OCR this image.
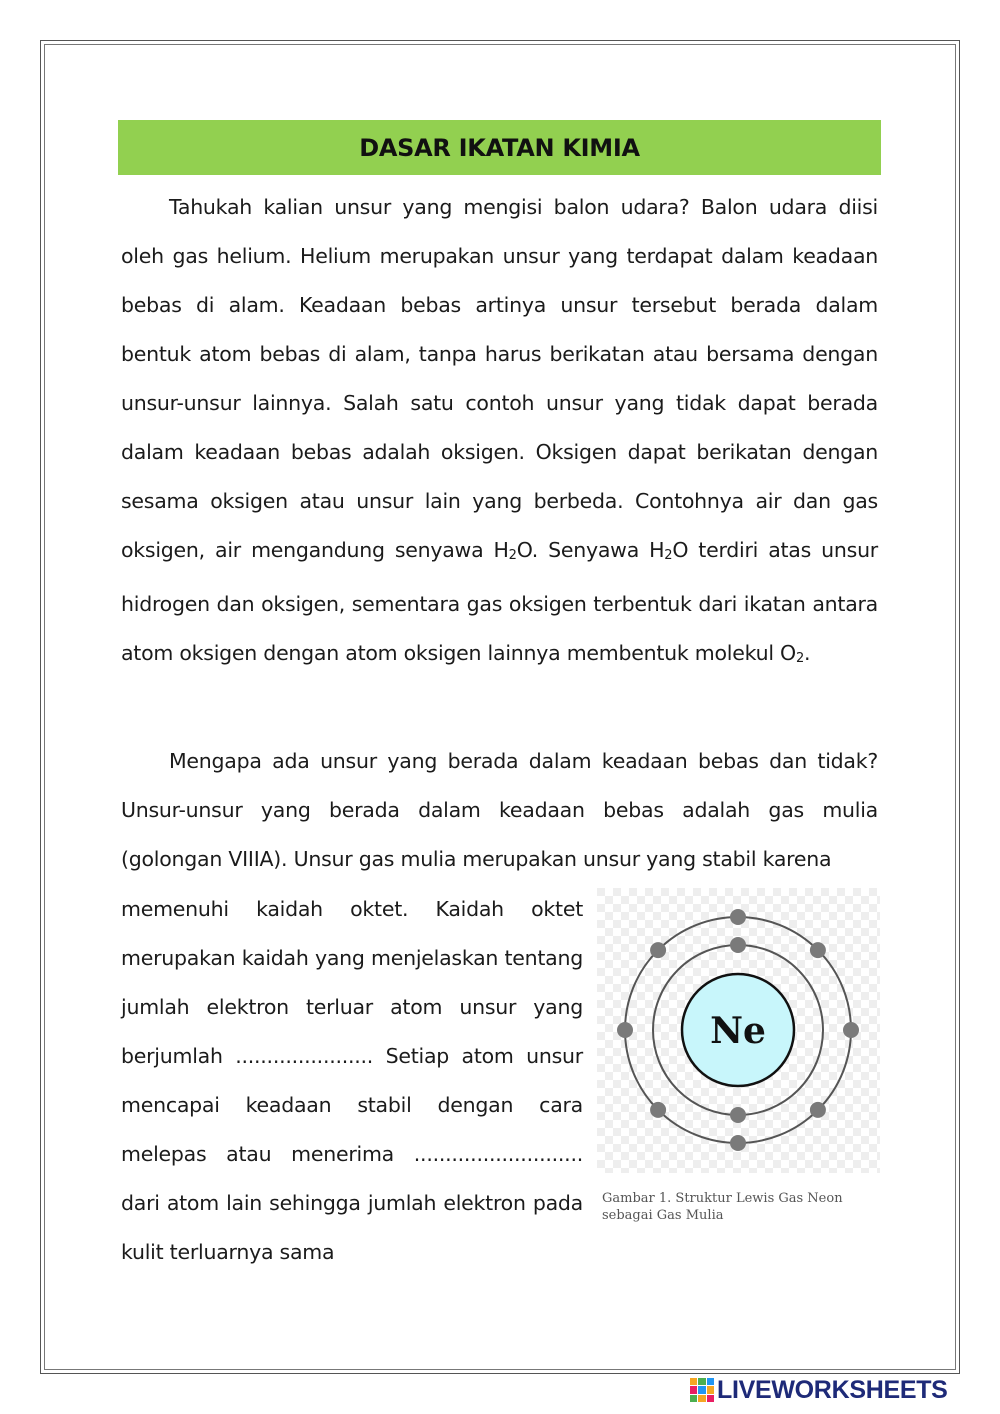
DASAR IKATAN KIMIA

Tahukah kalian unsur yang mengisi balon udara? Balon udara diisi oleh gas helium. Helium merupakan unsur yang terdapat dalam keadaan bebas di alam. Keadaan bebas artinya unsur tersebut berada dalam bentuk atom bebas di alam, tanpa harus berikatan atau bersama dengan unsur-unsur lainnya. Salah satu contoh unsur yang tidak dapat berada dalam keadaan bebas adalah oksigen. Oksigen dapat berikatan dengan sesama oksigen atau unsur lain yang berbeda. Contohnya air dan gas oksigen, air mengandung senyawa $H_2O$. Senyawa $H_2O$ terdiri atas unsur hidrogen dan oksigen, sementara gas oksigen terbentuk dari ikatan antara atom oksigen dengan atom oksigen lainnya membentuk molekul $O_2$.

Mengapa ada unsur yang berada dalam keadaan bebas dan tidak? Unsur-unsur yang berada dalam keadaan bebas adalah gas mulia (golongan VIIIA). Unsur gas mulia merupakan unsur yang stabil karena

memenuhi kaidah oktet. Kaidah oktet merupakan kaidah yang menjelaskan tentang jumlah elektron terluar atom unsur yang berjumlah ...................... Setiap atom unsur mencapai keadaan stabil dengan cara melepas atau menerima ........................... dari atom lain sehingga jumlah elektron pada kulit terluarnya sama

Ne
Gambar 1. Struktur Lewis Gas Neon sebagai Gas Mulia
LIVEWORKSHEETS
